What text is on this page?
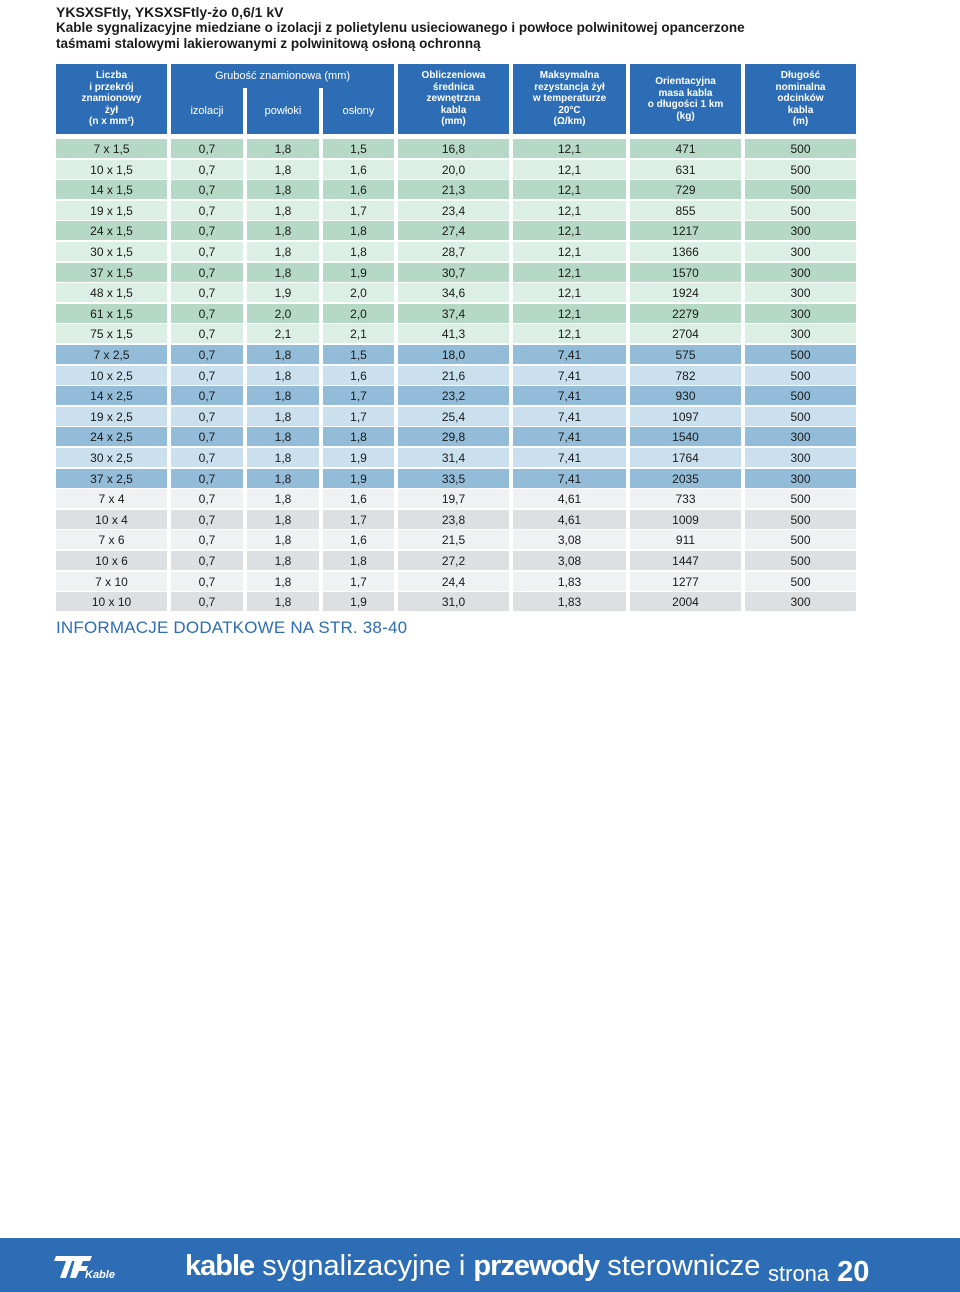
YKSXSFtly, YKSXSFtly-żo 0,6/1 kV

Kable sygnalizacyjne miedziane o izolacji z polietylenu usieciowanego i powłoce polwinitowej opancerzone taśmami stalowymi lakierowanymi z polwinitową osłoną ochronną

Liczba
i przekrój
znamionowy
żył
(n x mm²)
Grubość znamionowa (mm)
izolacji	powłoki	osłony
Obliczeniowa
średnica
zewnętrzna
kabla
(mm)
Maksymalna
rezystancja żył
w temperaturze
20°C
(Ω/km)
Orientacyjna
masa kabla
o długości 1 km
(kg)
Długość
nominalna
odcinków
kabla
(m)
7 x 1,5	0,7	1,8	1,5	16,8	12,1	471	500
10 x 1,5	0,7	1,8	1,6	20,0	12,1	631	500
14 x 1,5	0,7	1,8	1,6	21,3	12,1	729	500
19 x 1,5	0,7	1,8	1,7	23,4	12,1	855	500
24 x 1,5	0,7	1,8	1,8	27,4	12,1	1217	300
30 x 1,5	0,7	1,8	1,8	28,7	12,1	1366	300
37 x 1,5	0,7	1,8	1,9	30,7	12,1	1570	300
48 x 1,5	0,7	1,9	2,0	34,6	12,1	1924	300
61 x 1,5	0,7	2,0	2,0	37,4	12,1	2279	300
75 x 1,5	0,7	2,1	2,1	41,3	12,1	2704	300
7 x 2,5	0,7	1,8	1,5	18,0	7,41	575	500
10 x 2,5	0,7	1,8	1,6	21,6	7,41	782	500
14 x 2,5	0,7	1,8	1,7	23,2	7,41	930	500
19 x 2,5	0,7	1,8	1,7	25,4	7,41	1097	500
24 x 2,5	0,7	1,8	1,8	29,8	7,41	1540	300
30 x 2,5	0,7	1,8	1,9	31,4	7,41	1764	300
37 x 2,5	0,7	1,8	1,9	33,5	7,41	2035	300
7 x 4	0,7	1,8	1,6	19,7	4,61	733	500
10 x 4	0,7	1,8	1,7	23,8	4,61	1009	500
7 x 6	0,7	1,8	1,6	21,5	3,08	911	500
10 x 6	0,7	1,8	1,8	27,2	3,08	1447	500
7 x 10	0,7	1,8	1,7	24,4	1,83	1277	500
10 x 10	0,7	1,8	1,9	31,0	1,83	2004	300
INFORMACJE DODATKOWE NA STR. 38-40
Kable kable sygnalizacyjne i przewody sterownicze strona 20
